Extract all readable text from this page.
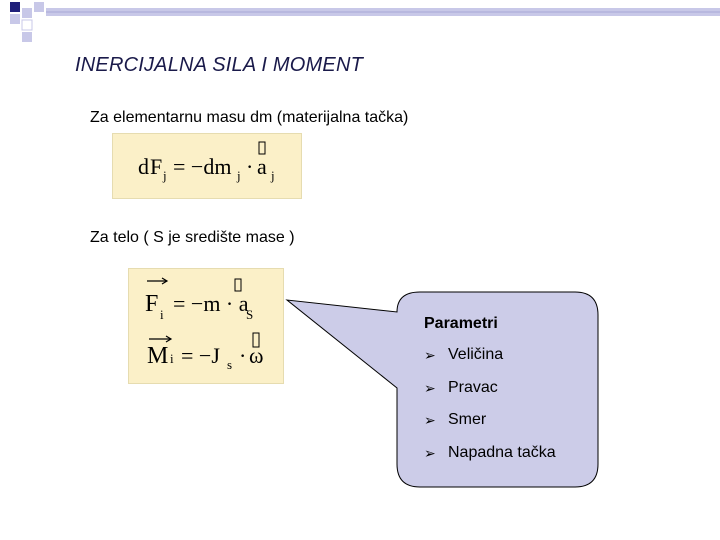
INERCIJALNA SILA I MOMENT
Za elementarnu masu dm (materijalna tačka)
d F j = −dm j · a j
Za telo ( S je središte mase )
F i = −m · a
S
M i = −J s · ω
Parametri
➢ Veličina
➢ Pravac
➢ Smer
➢ Napadna tačka
